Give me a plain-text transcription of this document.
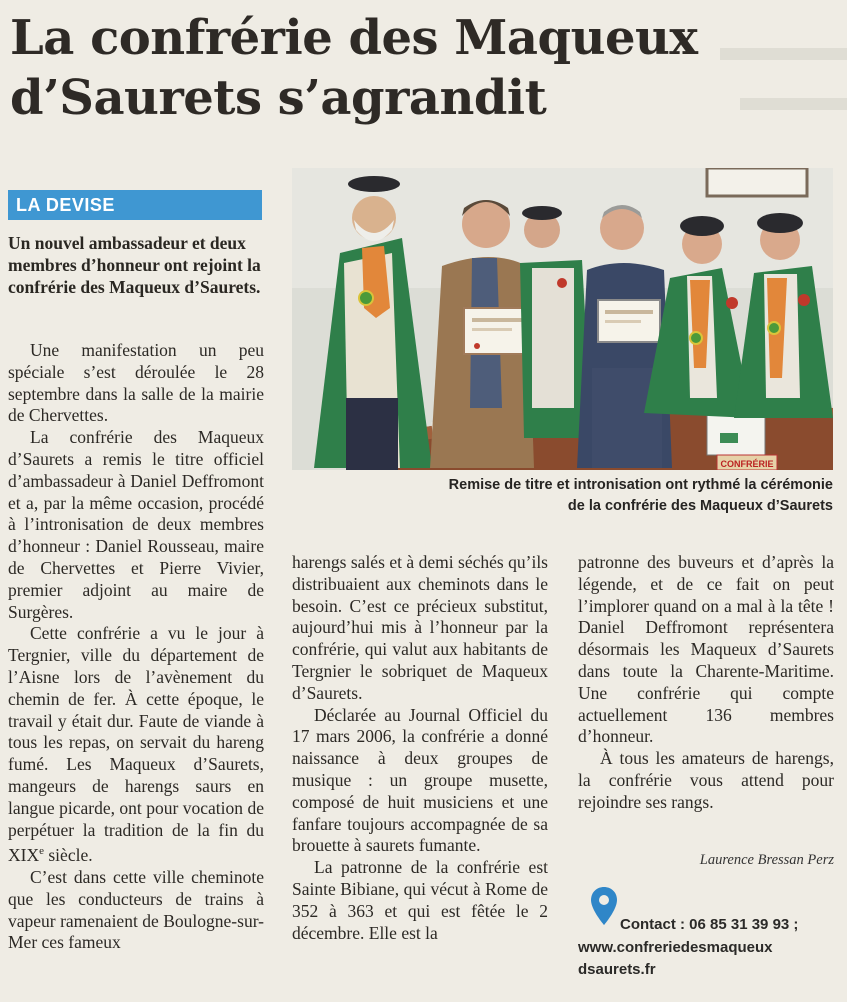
La confrérie des Maqueux
d’Saurets s’agrandit
LA DEVISE
Un nouvel ambassadeur et deux membres d’honneur ont rejoint la confrérie des Maqueux d’Saurets.

Une manifestation un peu spéciale s’est déroulée le 28 septembre dans la salle de la mairie de Chervettes.

La confrérie des Maqueux d’Saurets a remis le titre officiel d’ambassadeur à Daniel Deffromont et a, par la même occasion, procédé à l’intronisation de deux membres d’honneur : Daniel Rousseau, maire de Chervettes et Pierre Vivier, premier adjoint au maire de Surgères.

Cette confrérie a vu le jour à Tergnier, ville du département de l’Aisne lors de l’avènement du chemin de fer. À cette époque, le travail y était dur. Faute de viande à tous les repas, on servait du hareng fumé. Les Maqueux d’Saurets, mangeurs de harengs saurs en langue picarde, ont pour vocation de perpétuer la tradition de la fin du XIXe siècle.

C’est dans cette ville cheminote que les conducteurs de trains à vapeur ramenaient de Boulogne-sur-Mer ces fameux

CONFRÉRIE
Remise de titre et intronisation ont rythmé la cérémonie
de la confrérie des Maqueux d’Saurets

harengs salés et à demi séchés qu’ils distribuaient aux cheminots dans le besoin. C’est ce précieux substitut, aujourd’hui mis à l’honneur par la confrérie, qui valut aux habitants de Tergnier le sobriquet de Maqueux d’Saurets.

Déclarée au Journal Officiel du 17 mars 2006, la confrérie a donné naissance à deux groupes de musique : un groupe musette, composé de huit musiciens et une fanfare toujours accompagnée de sa brouette à saurets fumante.

La patronne de la confrérie est Sainte Bibiane, qui vécut à Rome de 352 à 363 et qui est fêtée le 2 décembre. Elle est la

patronne des buveurs et d’après la légende, et de ce fait on peut l’implorer quand on a mal à la tête ! Daniel Deffromont représentera désormais les Maqueux d’Saurets dans toute la Charente-Maritime. Une confrérie qui compte actuellement 136 membres d’honneur.

À tous les amateurs de harengs, la confrérie vous attend pour rejoindre ses rangs.

Laurence Bressan Perz
Contact : 06 85 31 39 93 ;
www.confreriedesmaqueux
dsaurets.fr
